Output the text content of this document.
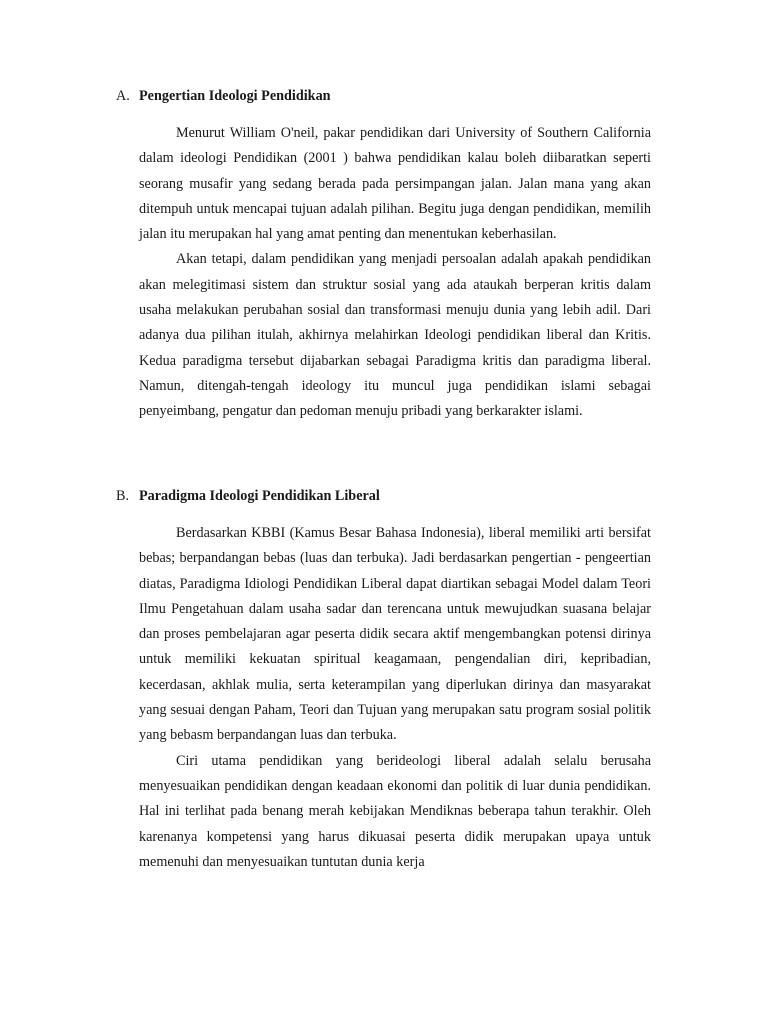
A. Pengertian Ideologi Pendidikan

Menurut William O'neil, pakar pendidikan dari University of Southern California dalam ideologi Pendidikan (2001 ) bahwa pendidikan kalau boleh diibaratkan seperti seorang musafir yang sedang berada pada persimpangan jalan. Jalan mana yang akan ditempuh untuk mencapai tujuan adalah pilihan. Begitu juga dengan pendidikan, memilih jalan itu merupakan hal yang amat penting dan menentukan keberhasilan.

Akan tetapi, dalam pendidikan yang menjadi persoalan adalah apakah pendidikan akan melegitimasi sistem dan struktur sosial yang ada ataukah berperan kritis dalam usaha melakukan perubahan sosial dan transformasi menuju dunia yang lebih adil. Dari adanya dua pilihan itulah, akhirnya melahirkan Ideologi pendidikan liberal dan Kritis. Kedua paradigma tersebut dijabarkan sebagai Paradigma kritis dan paradigma liberal. Namun, ditengah-tengah ideology itu muncul juga pendidikan islami sebagai penyeimbang, pengatur dan pedoman menuju pribadi yang berkarakter islami.

B. Paradigma Ideologi Pendidikan Liberal

Berdasarkan KBBI (Kamus Besar Bahasa Indonesia), liberal memiliki arti bersifat bebas; berpandangan bebas (luas dan terbuka). Jadi berdasarkan pengertian - pengeertian diatas, Paradigma Idiologi Pendidikan Liberal dapat diartikan sebagai Model dalam Teori Ilmu Pengetahuan dalam usaha sadar dan terencana untuk mewujudkan suasana belajar dan proses pembelajaran agar peserta didik secara aktif mengembangkan potensi dirinya untuk memiliki kekuatan spiritual keagamaan, pengendalian diri, kepribadian, kecerdasan, akhlak mulia, serta keterampilan yang diperlukan dirinya dan masyarakat yang sesuai dengan Paham, Teori dan Tujuan yang merupakan satu program sosial politik yang bebasm berpandangan luas dan terbuka.

Ciri utama pendidikan yang berideologi liberal adalah selalu berusaha menyesuaikan pendidikan dengan keadaan ekonomi dan politik di luar dunia pendidikan. Hal ini terlihat pada benang merah kebijakan Mendiknas beberapa tahun terakhir. Oleh karenanya kompetensi yang harus dikuasai peserta didik merupakan upaya untuk memenuhi dan menyesuaikan tuntutan dunia kerja
